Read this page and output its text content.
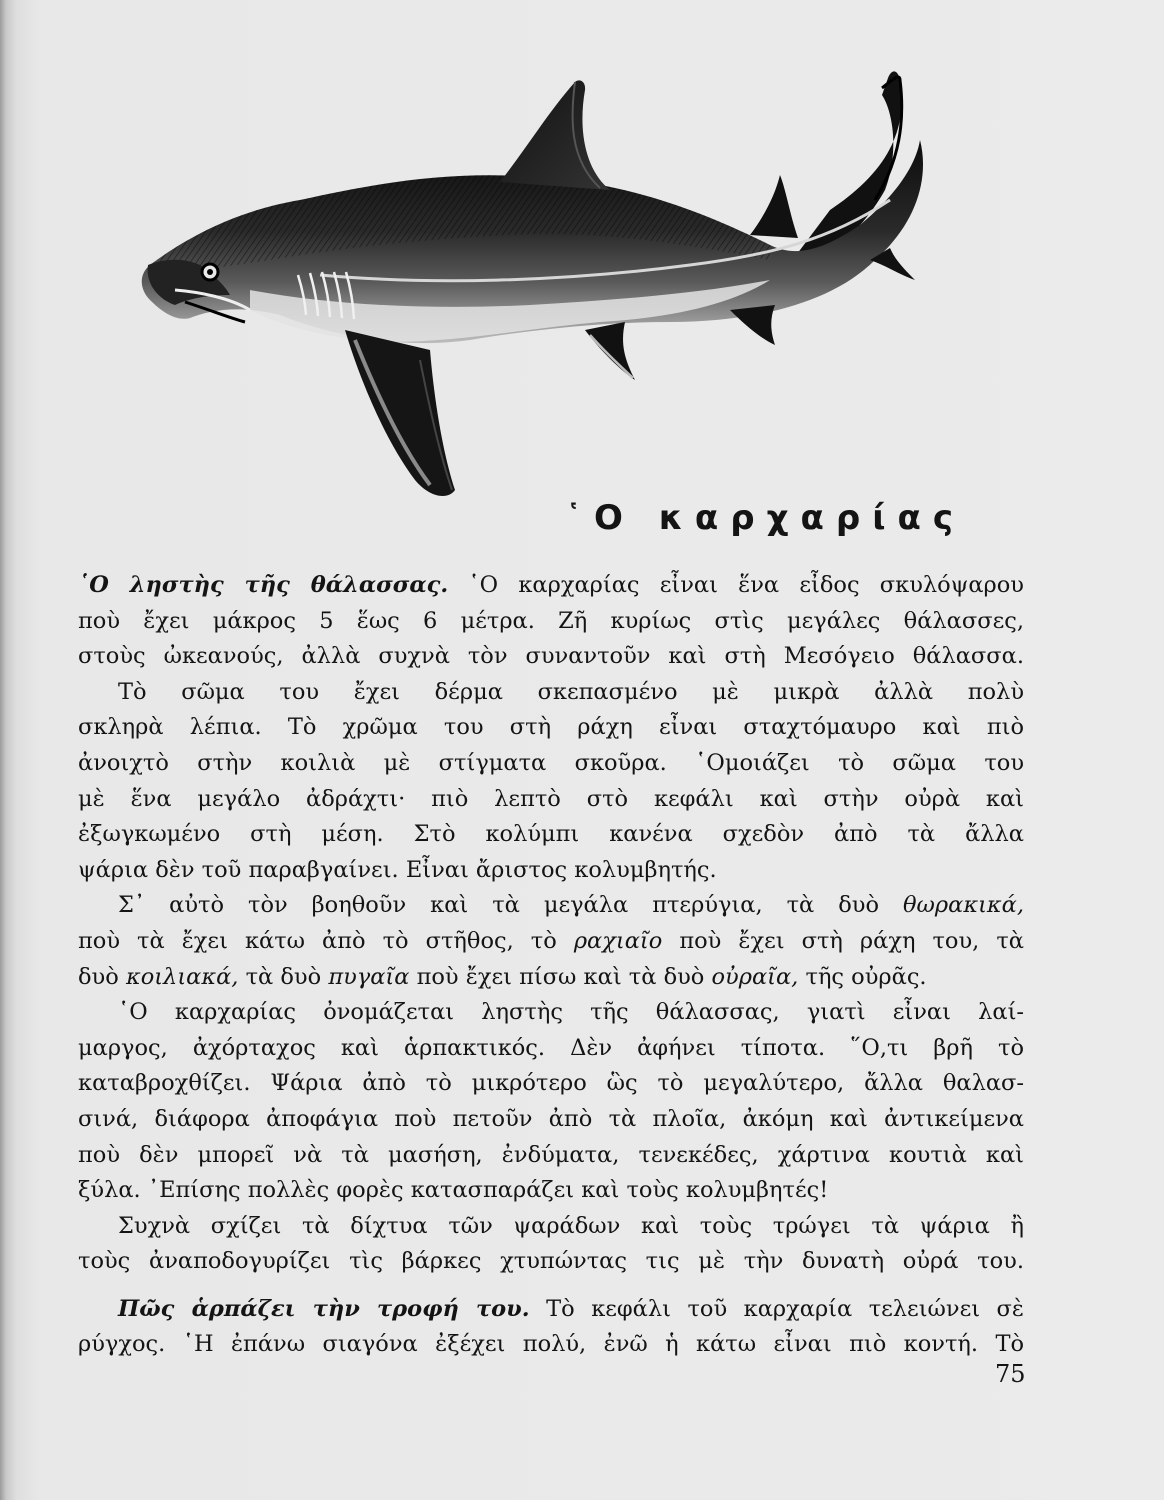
῾Ο καρχαρίας
῾Ο ληστὴς τῆς θάλασσας. ῾Ο καρχαρίας εἶναι ἕνα εἶδος σκυλόψαρου
ποὺ ἔχει μάκρος 5 ἕως 6 μέτρα. Ζῆ κυρίως στὶς μεγάλες θάλασσες,
στοὺς ὠκεανούς, ἀλλὰ συχνὰ τὸν συναντοῦν καὶ στὴ Μεσόγειο θάλασσα.
Τὸ σῶμα του ἔχει δέρμα σκεπασμένο μὲ μικρὰ ἀλλὰ πολὺ
σκληρὰ λέπια. Τὸ χρῶμα του στὴ ράχη εἶναι σταχτόμαυρο καὶ πιὸ
ἀνοιχτὸ στὴν κοιλιὰ μὲ στίγματα σκοῦρα. ῾Ομοιάζει τὸ σῶμα του
μὲ ἕνα μεγάλο ἀδράχτι· πιὸ λεπτὸ στὸ κεφάλι καὶ στὴν οὐρὰ καὶ
ἐξωγκωμένο στὴ μέση. Στὸ κολύμπι κανένα σχεδὸν ἀπὸ τὰ ἄλλα
ψάρια δὲν τοῦ παραβγαίνει. Εἶναι ἄριστος κολυμβητής.
Σ᾽ αὐτὸ τὸν βοηθοῦν καὶ τὰ μεγάλα πτερύγια, τὰ δυὸ θωρακικά,
ποὺ τὰ ἔχει κάτω ἀπὸ τὸ στῆθος, τὸ ραχιαῖο ποὺ ἔχει στὴ ράχη του, τὰ
δυὸ κοιλιακά, τὰ δυὸ πυγαῖα ποὺ ἔχει πίσω καὶ τὰ δυὸ οὐραῖα, τῆς οὐρᾶς.
῾Ο καρχαρίας ὀνομάζεται ληστὴς τῆς θάλασσας, γιατὶ εἶναι λαί-
μαργος, ἀχόρταχος καὶ ἁρπακτικός. Δὲν ἀφήνει τίποτα. ῞Ο,τι βρῆ τὸ
καταβροχθίζει. Ψάρια ἀπὸ τὸ μικρότερο ὣς τὸ μεγαλύτερο, ἄλλα θαλασ-
σινά, διάφορα ἀποφάγια ποὺ πετοῦν ἀπὸ τὰ πλοῖα, ἀκόμη καὶ ἀντικείμενα
ποὺ δὲν μπορεῖ νὰ τὰ μασήση, ἐνδύματα, τενεκέδες, χάρτινα κουτιὰ καὶ
ξύλα. ᾿Επίσης πολλὲς φορὲς κατασπαράζει καὶ τοὺς κολυμβητές!
Συχνὰ σχίζει τὰ δίχτυα τῶν ψαράδων καὶ τοὺς τρώγει τὰ ψάρια ἢ
τοὺς ἀναποδογυρίζει τὶς βάρκες χτυπώντας τις μὲ τὴν δυνατὴ οὐρά του.
Πῶς ἁρπάζει τὴν τροφή του. Τὸ κεφάλι τοῦ καρχαρία τελειώνει σὲ
ρύγχος. ῾Η ἐπάνω σιαγόνα ἐξέχει πολύ, ἐνῶ ἡ κάτω εἶναι πιὸ κοντή. Τὸ
75
